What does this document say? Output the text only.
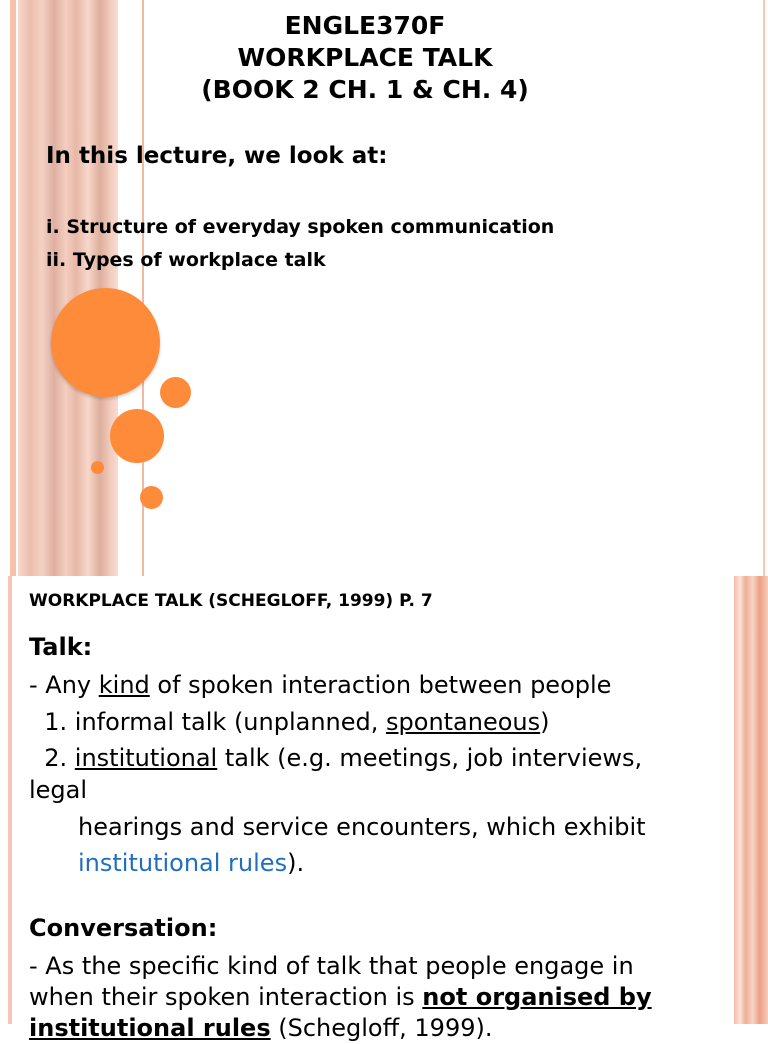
ENGLE370F
WORKPLACE TALK
(BOOK 2 CH. 1 & CH. 4)
In this lecture, we look at:
i. Structure of everyday spoken communication
ii. Types of workplace talk
WORKPLACE TALK (SCHEGLOFF, 1999) P. 7
Talk:
- Any kind of spoken interaction between people
1. informal talk (unplanned, spontaneous)
2. institutional talk (e.g. meetings, job interviews,
legal
hearings and service encounters, which exhibit
institutional rules).
Conversation:
- As the specific kind of talk that people engage in
when their spoken interaction is not organised by
institutional rules (Schegloff, 1999).
